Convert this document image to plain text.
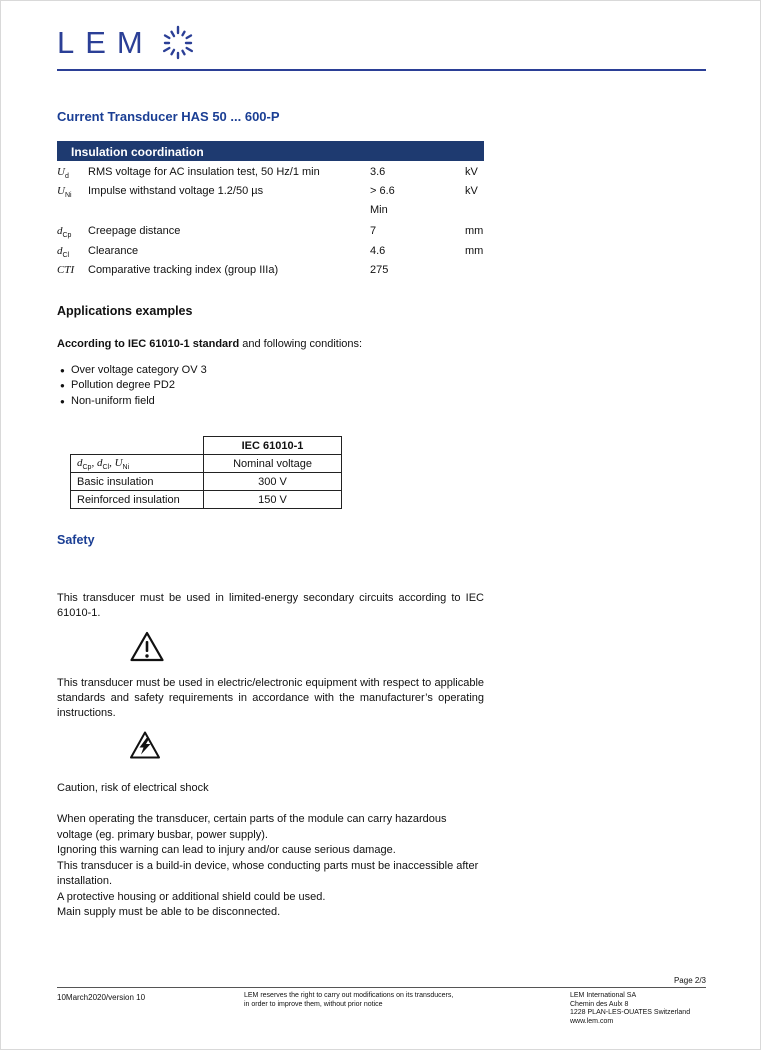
LEM
Current Transducer HAS 50 ... 600-P
Insulation coordination
$U_d$	RMS voltage for AC insulation test, 50 Hz/1 min	3.6	kV
$U_{Ni}$	Impulse withstand voltage 1.2/50 µs	> 6.6	kV
Min
$d_{Cp}$	Creepage distance	7	mm
$d_{Cl}$	Clearance	4.6	mm
CTI	Comparative tracking index (group IIIa)	275
Applications examples
According to IEC 61010-1 standard and following conditions:
● Over voltage category OV 3
● Pollution degree PD2
● Non-uniform field
	IEC 61010-1
$d_{Cp}$, $d_{Cl}$, $U_{Ni}$	Nominal voltage
Basic insulation	300 V
Reinforced insulation	150 V
Safety
This transducer must be used in limited-energy secondary circuits according to IEC 61010-1.
This transducer must be used in electric/electronic equipment with respect to applicable standards and safety requirements in accordance with the manufacturer’s operating instructions.
Caution, risk of electrical shock
When operating the transducer, certain parts of the module can carry hazardous voltage (eg. primary busbar, power supply).
Ignoring this warning can lead to injury and/or cause serious damage.
This transducer is a build-in device, whose conducting parts must be inaccessible after installation.
A protective housing or additional shield could be used.
Main supply must be able to be disconnected.
Page 2/3
10March2020/version 10	LEM reserves the right to carry out modifications on its transducers,
in order to improve them, without prior notice
LEM International SA
Chemin des Aulx 8
1228 PLAN-LES-OUATES Switzerland
www.lem.com
